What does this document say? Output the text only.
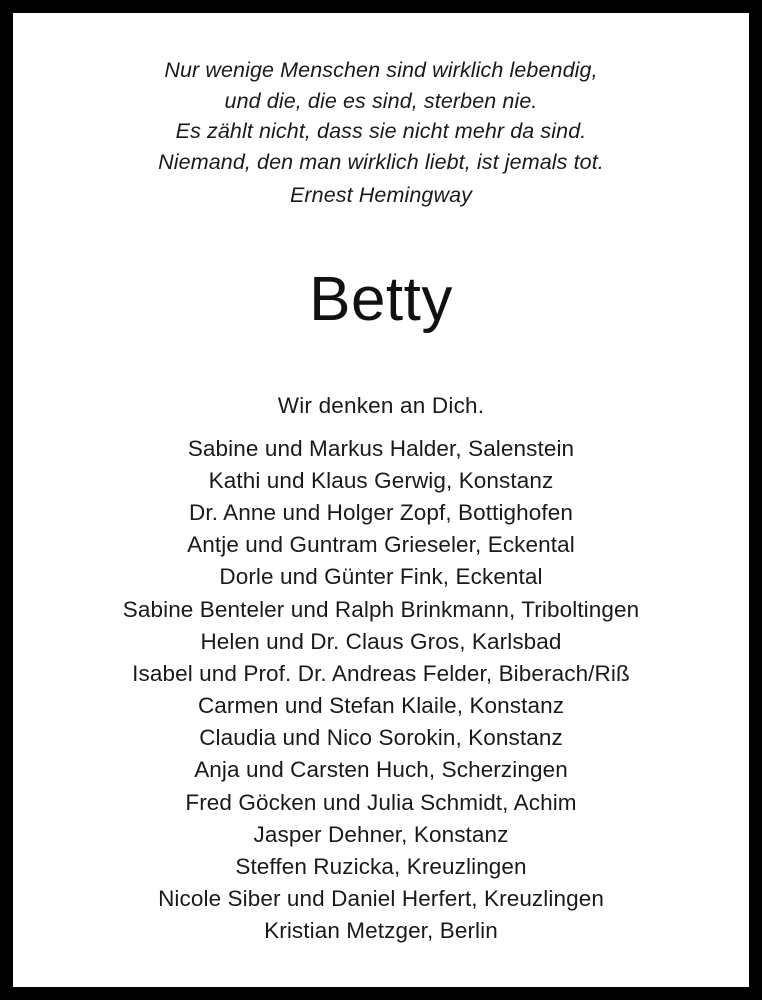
Nur wenige Menschen sind wirklich lebendig,
und die, die es sind, sterben nie.
Es zählt nicht, dass sie nicht mehr da sind.
Niemand, den man wirklich liebt, ist jemals tot.
Ernest Hemingway
Betty
Wir denken an Dich.
Sabine und Markus Halder, Salenstein
Kathi und Klaus Gerwig, Konstanz
Dr. Anne und Holger Zopf, Bottighofen
Antje und Guntram Grieseler, Eckental
Dorle und Günter Fink, Eckental
Sabine Benteler und Ralph Brinkmann, Triboltingen
Helen und Dr. Claus Gros, Karlsbad
Isabel und Prof. Dr. Andreas Felder, Biberach/Riß
Carmen und Stefan Klaile, Konstanz
Claudia und Nico Sorokin, Konstanz
Anja und Carsten Huch, Scherzingen
Fred Göcken und Julia Schmidt, Achim
Jasper Dehner, Konstanz
Steffen Ruzicka, Kreuzlingen
Nicole Siber und Daniel Herfert, Kreuzlingen
Kristian Metzger, Berlin
